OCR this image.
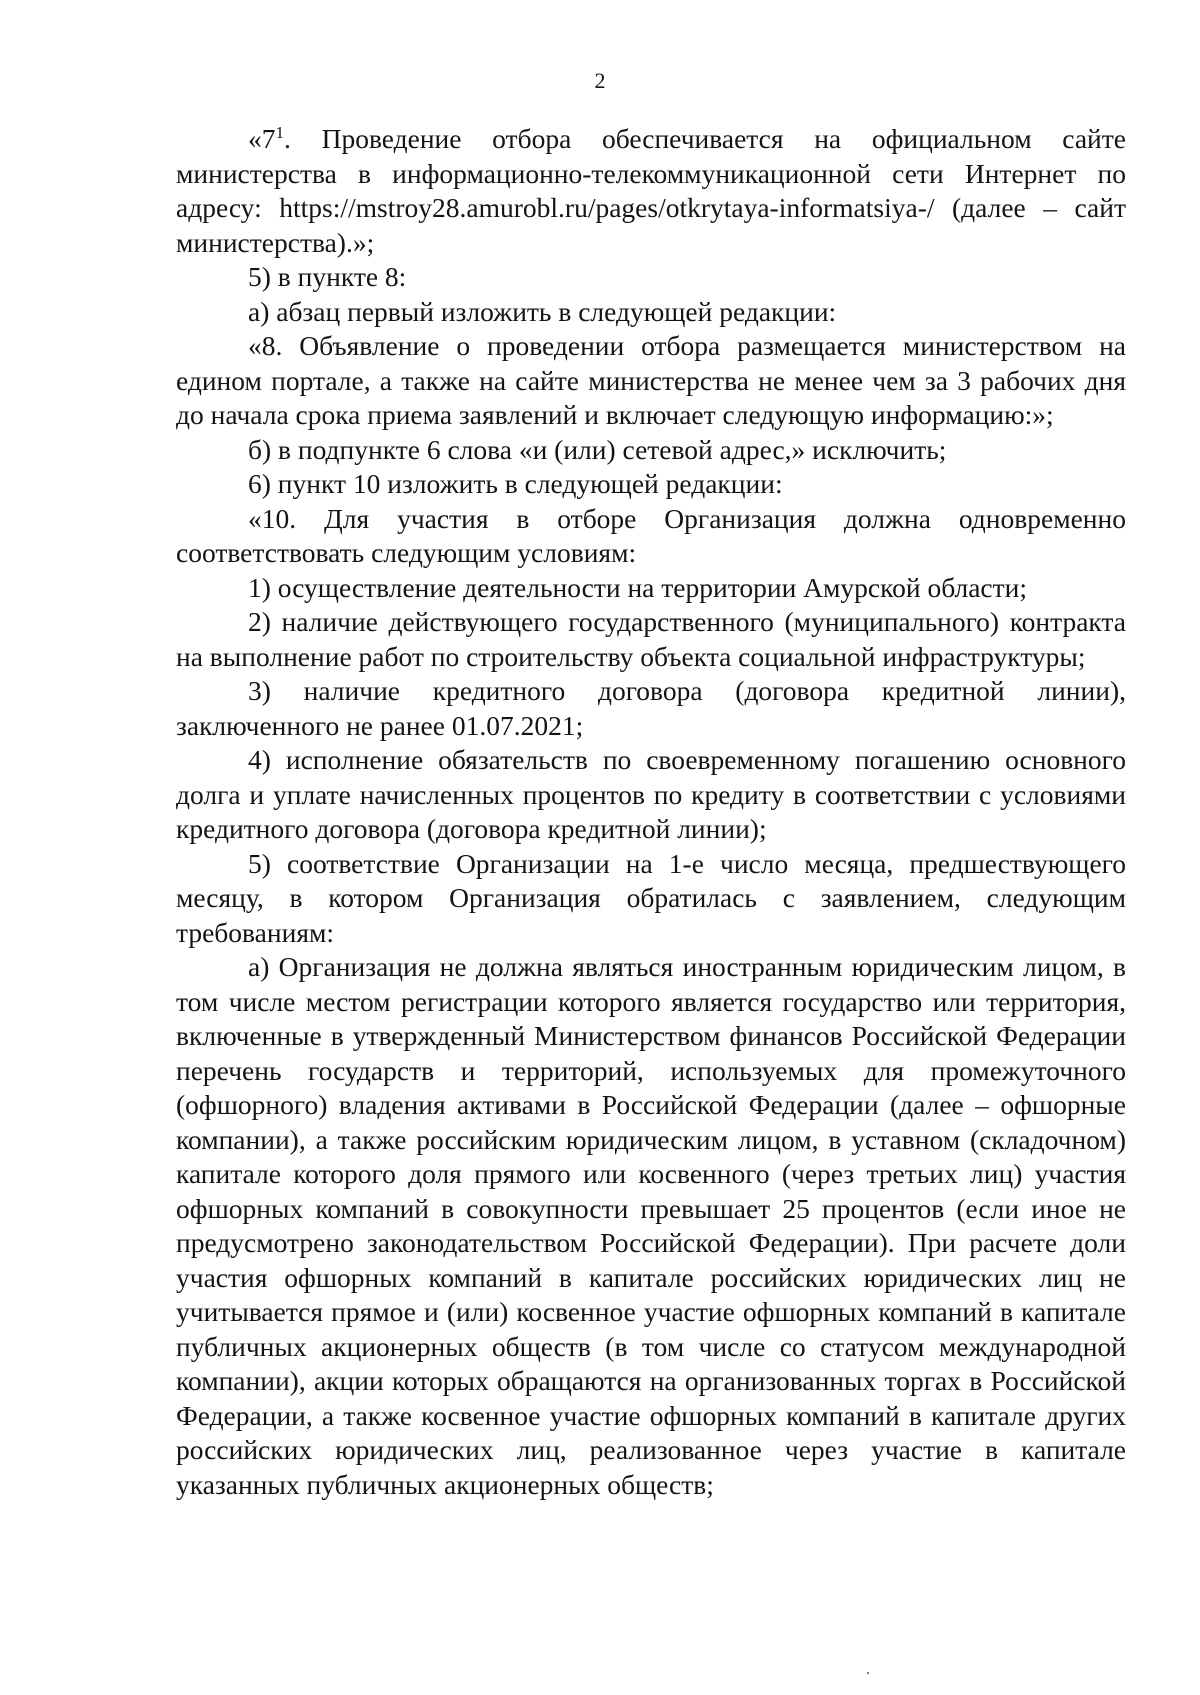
2

«$7^1$. Проведение отбора обеспечивается на официальном сайте министерства в информационно-телекоммуникационной сети Интернет по адресу: https://mstroy28.amurobl.ru/pages/otkrytaya-informatsiya-/ (далее – сайт министерства).»;

5) в пункте 8:

а) абзац первый изложить в следующей редакции:

«8. Объявление о проведении отбора размещается министерством на едином портале, а также на сайте министерства не менее чем за 3 рабочих дня до начала срока приема заявлений и включает следующую информацию:»;

б) в подпункте 6 слова «и (или) сетевой адрес,» исключить;

6) пункт 10 изложить в следующей редакции:

«10. Для участия в отборе Организация должна одновременно соответствовать следующим условиям:

1) осуществление деятельности на территории Амурской области;

2) наличие действующего государственного (муниципального) контракта на выполнение работ по строительству объекта социальной инфраструктуры;

3) наличие кредитного договора (договора кредитной линии), заключенного не ранее 01.07.2021;

4) исполнение обязательств по своевременному погашению основного долга и уплате начисленных процентов по кредиту в соответствии с условиями кредитного договора (договора кредитной линии);

5) соответствие Организации на 1-е число месяца, предшествующего месяцу, в котором Организация обратилась с заявлением, следующим требованиям:

а) Организация не должна являться иностранным юридическим лицом, в том числе местом регистрации которого является государство или территория, включенные в утвержденный Министерством финансов Российской Федерации перечень государств и территорий, используемых для промежуточного (офшорного) владения активами в Российской Федерации (далее – офшорные компании), а также российским юридическим лицом, в уставном (складочном) капитале которого доля прямого или косвенного (через третьих лиц) участия офшорных компаний в совокупности превышает 25 процентов (если иное не предусмотрено законодательством Российской Федерации). При расчете доли участия офшорных компаний в капитале российских юридических лиц не учитывается прямое и (или) косвенное участие офшорных компаний в капитале публичных акционерных обществ (в том числе со статусом международной компании), акции которых обращаются на организованных торгах в Российской Федерации, а также косвенное участие офшорных компаний в капитале других российских юридических лиц, реализованное через участие в капитале указанных публичных акционерных обществ;
